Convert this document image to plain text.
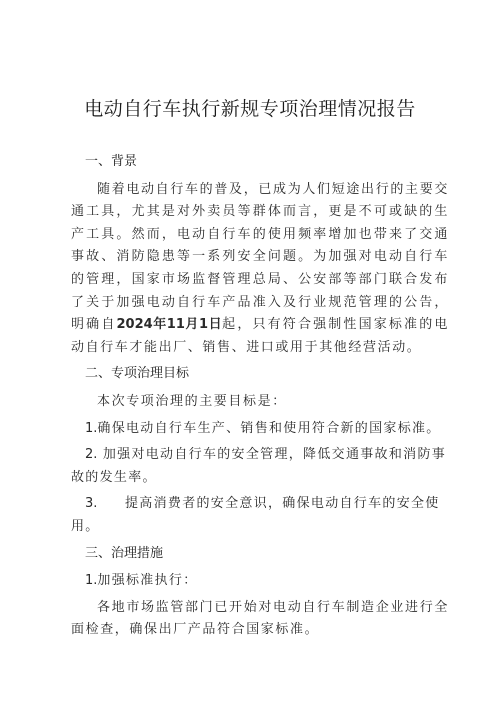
电动自行车执行新规专项治理情况报告
一、背景

随着电动自行车的普及，已成为人们短途出行的主要交通工具，尤其是对外卖员等群体而言，更是不可或缺的生产工具。然而，电动自行车的使用频率增加也带来了交通事故、消防隐患等一系列安全问题。为加强对电动自行车的管理，国家市场监督管理总局、公安部等部门联合发布了关于加强电动自行车产品准入及行业规范管理的公告，明确自2024年11月1日起，只有符合强制性国家标准的电动自行车才能出厂、销售、进口或用于其他经营活动。

二、专项治理目标

本次专项治理的主要目标是：

1.确保电动自行车生产、销售和使用符合新的国家标准。

2. 加强对电动自行车的安全管理，降低交通事故和消防事故的发生率。

3. 提高消费者的安全意识，确保电动自行车的安全使用。

三、治理措施

1.加强标准执行：

各地市场监管部门已开始对电动自行车制造企业进行全面检查，确保出厂产品符合国家标准。
